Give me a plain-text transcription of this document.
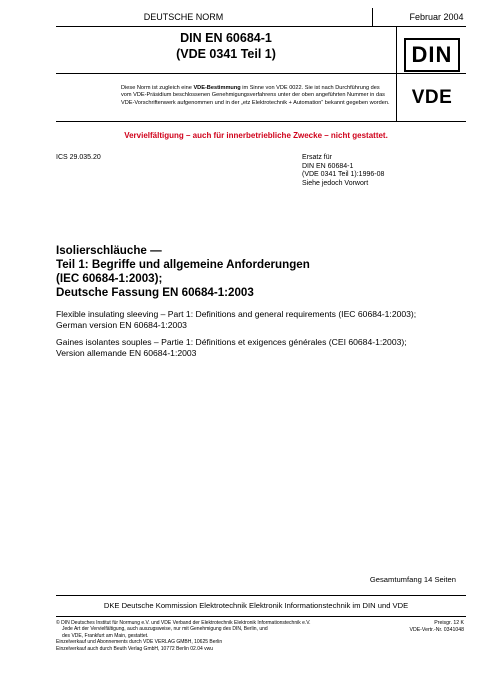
DEUTSCHE NORM	Februar 2004
DIN EN 60684-1
(VDE 0341 Teil 1)	DIN
VDE
Diese Norm ist zugleich eine VDE-Bestimmung im Sinne von VDE 0022. Sie ist nach Durchführung des vom VDE-Präsidium beschlossenen Genehmigungsverfahrens unter der oben angeführten Nummer in das VDE-Vorschriftenwerk aufgenommen und in der „etz Elektrotechnik + Automation“ bekannt gegeben worden.
Vervielfältigung – auch für innerbetriebliche Zwecke – nicht gestattet.
ICS 29.035.20	Ersatz für
DIN EN 60684-1
(VDE 0341 Teil 1):1996-08
Siehe jedoch Vorwort
Isolierschläuche —
Teil 1: Begriffe und allgemeine Anforderungen
(IEC 60684-1:2003);
Deutsche Fassung EN 60684-1:2003
Flexible insulating sleeving – Part 1: Definitions and general requirements (IEC 60684-1:2003);
German version EN 60684-1:2003
Gaines isolantes souples – Partie 1: Définitions et exigences générales (CEI 60684-1:2003);
Version allemande EN 60684-1:2003
Gesamtumfang 14 Seiten
DKE Deutsche Kommission Elektrotechnik Elektronik Informationstechnik im DIN und VDE
© DIN Deutsches Institut für Normung e.V. und VDE Verband der Elektrotechnik Elektronik Informationstechnik e.V.
Jede Art der Vervielfältigung, auch auszugsweise, nur mit Genehmigung des DIN, Berlin, und
des VDE, Frankfurt am Main, gestattet.
Einzelverkauf und Abonnements durch VDE VERLAG GMBH, 10625 Berlin
Einzelverkauf auch durch Beuth Verlag GmbH, 10772 Berlin 02.04 vwu
Preisgr. 12 K
VDE-Vertr.-Nr. 0341048
